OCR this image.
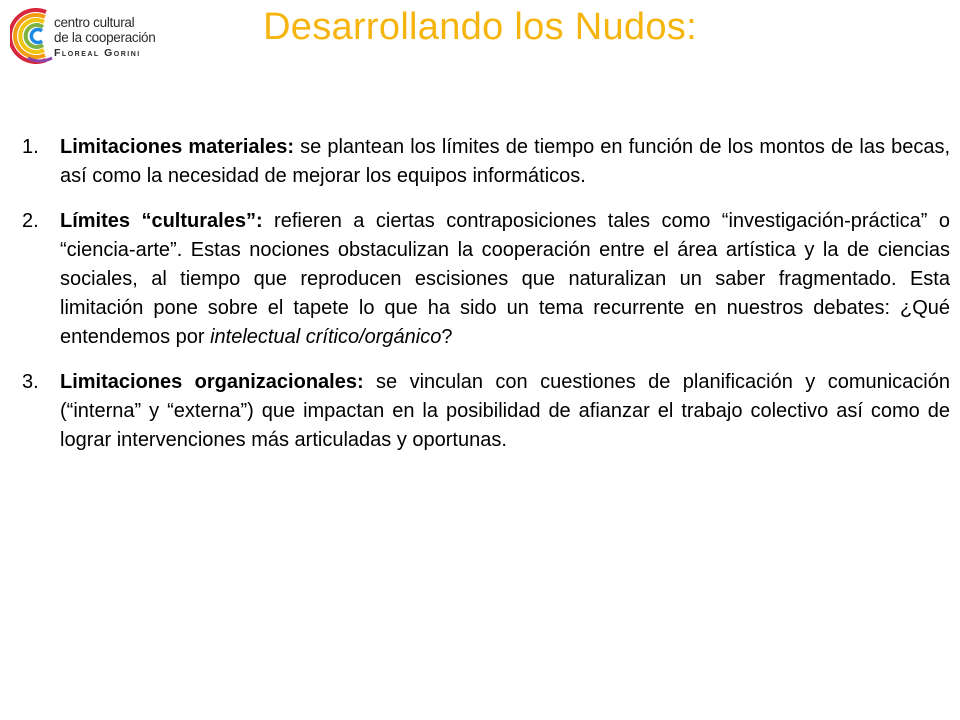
centro cultural
de la cooperación
Floreal Gorini
Desarrollando los Nudos:
1. Limitaciones materiales: se plantean los límites de tiempo en función de los montos de las becas, así como la necesidad de mejorar los equipos informáticos.
2. Límites “culturales”: refieren a ciertas contraposiciones tales como “investigación-práctica” o “ciencia-arte”. Estas nociones obstaculizan la cooperación entre el área artística y la de ciencias sociales, al tiempo que reproducen escisiones que naturalizan un saber fragmentado. Esta limitación pone sobre el tapete lo que ha sido un tema recurrente en nuestros debates: ¿Qué entendemos por intelectual crítico/orgánico?
3. Limitaciones organizacionales: se vinculan con cuestiones de planificación y comunicación (“interna” y “externa”) que impactan en la posibilidad de afianzar el trabajo colectivo así como de lograr intervenciones más articuladas y oportunas.
